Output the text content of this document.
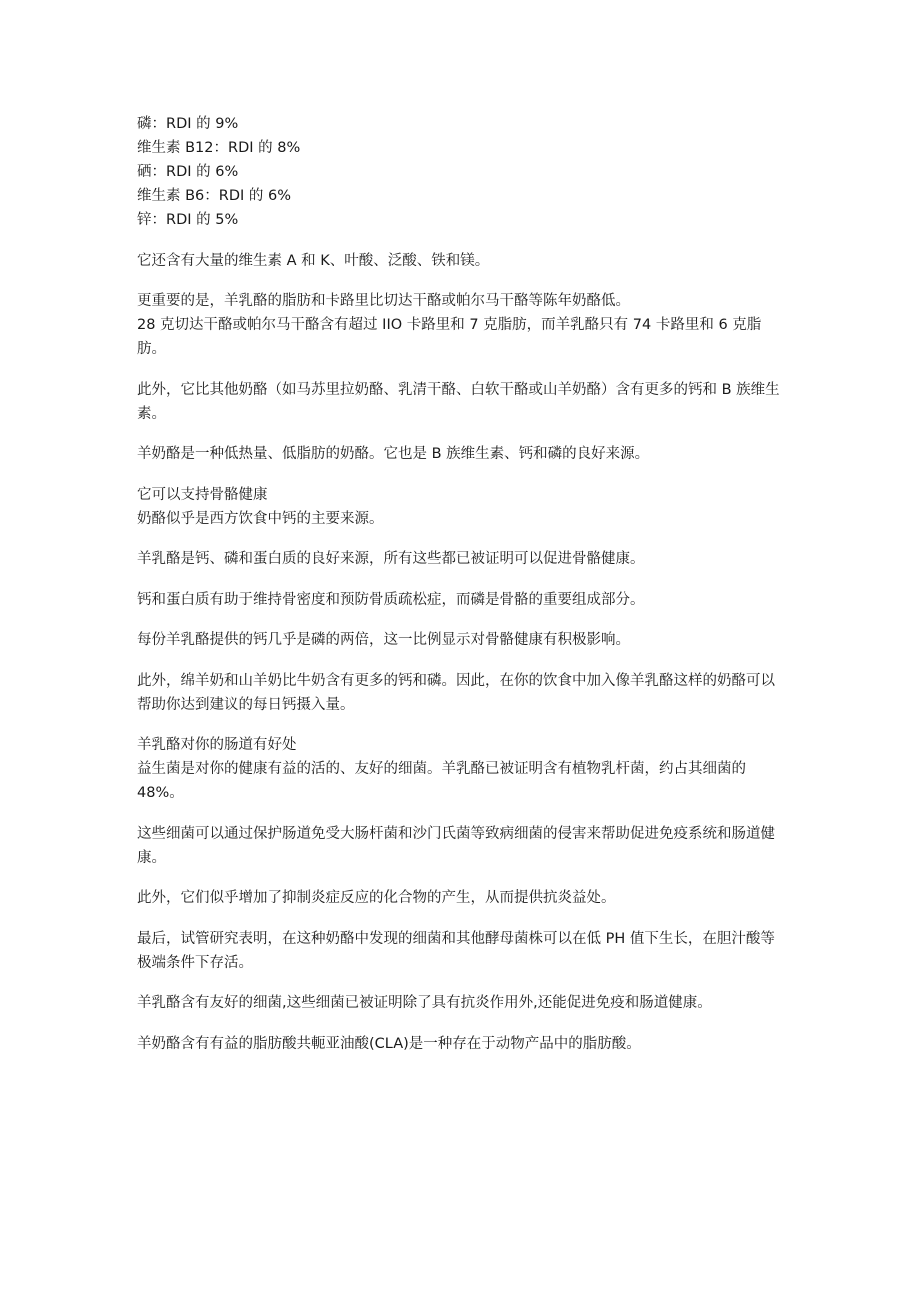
磷：RDI 的 9%

维生素 B12：RDI 的 8%

硒：RDI 的 6%

维生素 B6：RDI 的 6%

锌：RDI 的 5%

它还含有大量的维生素 A 和 K、叶酸、泛酸、铁和镁。

更重要的是，羊乳酪的脂肪和卡路里比切达干酪或帕尔马干酪等陈年奶酪低。

28 克切达干酪或帕尔马干酪含有超过 IIO 卡路里和 7 克脂肪，而羊乳酪只有 74 卡路里和 6 克脂肪。

此外，它比其他奶酪（如马苏里拉奶酪、乳清干酪、白软干酪或山羊奶酪）含有更多的钙和 B 族维生素。

羊奶酪是一种低热量、低脂肪的奶酪。它也是 B 族维生素、钙和磷的良好来源。

它可以支持骨骼健康

奶酪似乎是西方饮食中钙的主要来源。

羊乳酪是钙、磷和蛋白质的良好来源，所有这些都已被证明可以促进骨骼健康。

钙和蛋白质有助于维持骨密度和预防骨质疏松症，而磷是骨骼的重要组成部分。

每份羊乳酪提供的钙几乎是磷的两倍，这一比例显示对骨骼健康有积极影响。

此外，绵羊奶和山羊奶比牛奶含有更多的钙和磷。因此，在你的饮食中加入像羊乳酪这样的奶酪可以帮助你达到建议的每日钙摄入量。

羊乳酪对你的肠道有好处

益生菌是对你的健康有益的活的、友好的细菌。羊乳酪已被证明含有植物乳杆菌，约占其细菌的 48%。

这些细菌可以通过保护肠道免受大肠杆菌和沙门氏菌等致病细菌的侵害来帮助促进免疫系统和肠道健康。

此外，它们似乎增加了抑制炎症反应的化合物的产生，从而提供抗炎益处。

最后，试管研究表明，在这种奶酪中发现的细菌和其他酵母菌株可以在低 PH 值下生长，在胆汁酸等极端条件下存活。

羊乳酪含有友好的细菌,这些细菌已被证明除了具有抗炎作用外,还能促进免疫和肠道健康。

羊奶酪含有有益的脂肪酸共軛亚油酸(CLA)是一种存在于动物产品中的脂肪酸。
